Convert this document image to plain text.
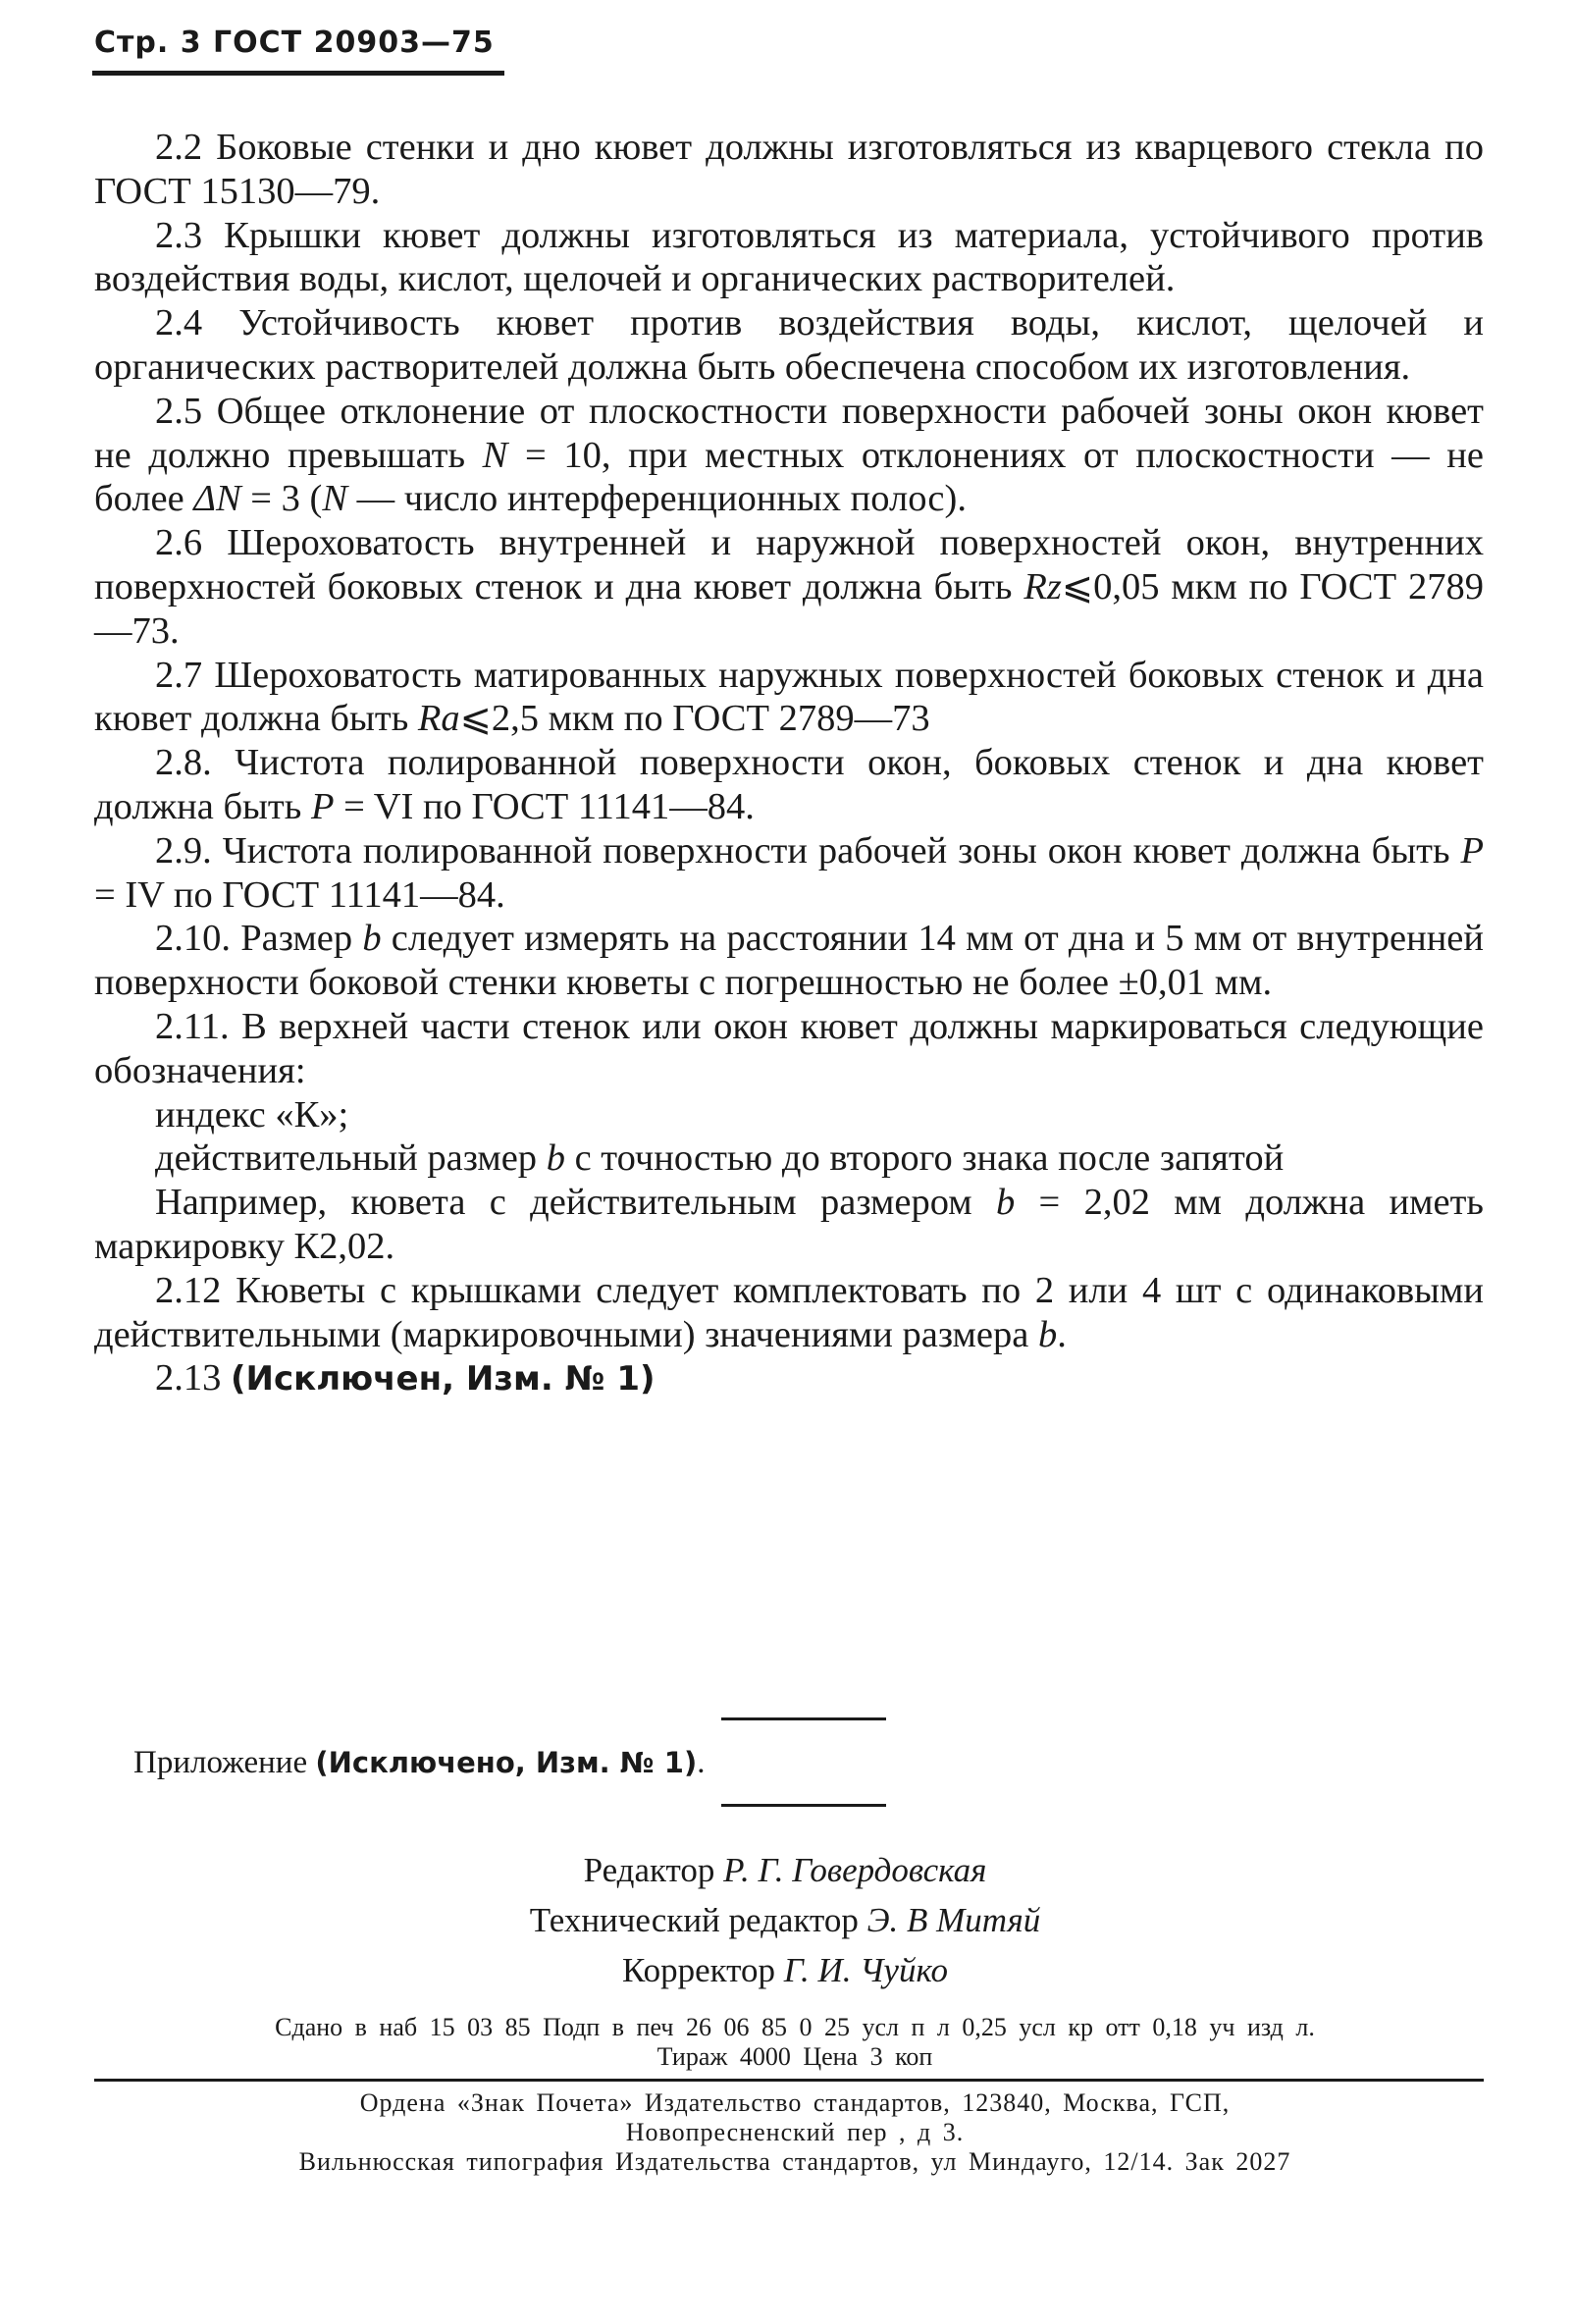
Стр. 3 ГОСТ 20903—75

2.2 Боковые стенки и дно кювет должны изготовляться из кварцевого стекла по ГОСТ 15130—79.

2.3 Крышки кювет должны изготовляться из материала, устойчивого против воздействия воды, кислот, щелочей и органических растворителей.

2.4 Устойчивость кювет против воздействия воды, кислот, щелочей и органических растворителей должна быть обеспечена способом их изготовления.

2.5 Общее отклонение от плоскостности поверхности рабочей зоны окон кювет не должно превышать N = 10, при местных отклонениях от плоскостности — не более ΔN = 3 (N — число интерференционных полос).

2.6 Шероховатость внутренней и наружной поверхностей окон, внутренних поверхностей боковых стенок и дна кювет должна быть Rz⩽0,05 мкм по ГОСТ 2789—73.

2.7 Шероховатость матированных наружных поверхностей боковых стенок и дна кювет должна быть Ra⩽2,5 мкм по ГОСТ 2789—73

2.8. Чистота полированной поверхности окон, боковых стенок и дна кювет должна быть P = VI по ГОСТ 11141—84.

2.9. Чистота полированной поверхности рабочей зоны окон кювет должна быть P = IV по ГОСТ 11141—84.

2.10. Размер b следует измерять на расстоянии 14 мм от дна и 5 мм от внутренней поверхности боковой стенки кюветы с погрешностью не более ±0,01 мм.

2.11. В верхней части стенок или окон кювет должны маркироваться следующие обозначения:

индекс «К»;

действительный размер b с точностью до второго знака после запятой

Например, кювета с действительным размером b = 2,02 мм должна иметь маркировку К2,02.

2.12 Кюветы с крышками следует комплектовать по 2 или 4 шт с одинаковыми действительными (маркировочными) значениями размера b.

2.13 (Исключен, Изм. № 1)

Приложение (Исключено, Изм. № 1).
Редактор Р. Г. Говердовская
Технический редактор Э. В Митяй
Корректор Г. И. Чуйко
Сдано в наб 15 03 85 Подп в печ 26 06 85 0 25 усл п л 0,25 усл кр отт 0,18 уч изд л.
Тираж 4000 Цена 3 коп
Ордена «Знак Почета» Издательство стандартов, 123840, Москва, ГСП,
Новопресненский пер , д 3.
Вильнюсская типография Издательства стандартов, ул Миндауго, 12/14. Зак 2027
